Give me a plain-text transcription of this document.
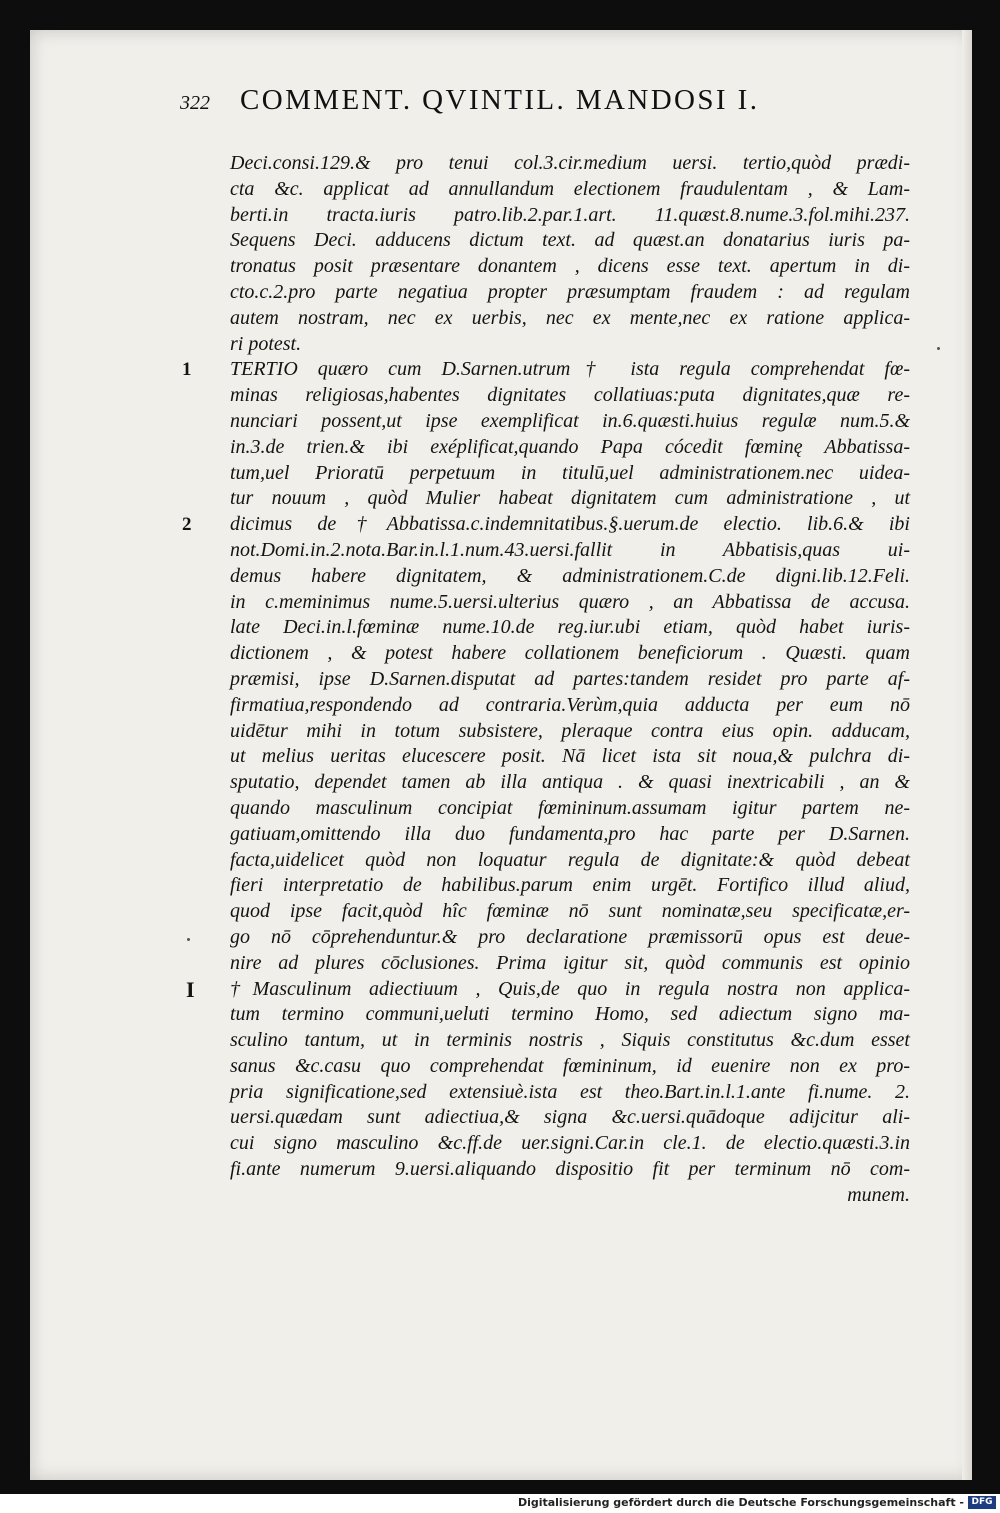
322 COMMENT. QVINTIL. MANDOSI I.
Deci.consi.129.& pro tenui col.3.cir.medium uersi. tertio,quòd prædi-
cta &c. applicat ad annullandum electionem fraudulentam , & Lam-
berti.in tracta.iuris patro.lib.2.par.1.art. 11.quæst.8.nume.3.fol.mihi.237.
Sequens Deci. adducens dictum text. ad quæst.an donatarius iuris pa-
tronatus posit præsentare donantem , dicens esse text. apertum in di-
cto.c.2.pro parte negatiua propter præsumptam fraudem : ad regulam
autem nostram, nec ex uerbis, nec ex mente,nec ex ratione applica-
ri potest.
1 TERTIO quæro cum D.Sarnen.utrum† ista regula comprehendat fœ-
minas religiosas,habentes dignitates collatiuas:puta dignitates,quæ re-
nunciari possent,ut ipse exemplificat in.6.quæsti.huius regulæ num.5.&
in.3.de trien.& ibi exéplificat,quando Papa cócedit fœminę Abbatissa-
tum,uel Prioratū perpetuum in titulū,uel administrationem.nec uidea-
tur nouum , quòd Mulier habeat dignitatem cum administratione , ut
2 dicimus de†Abbatissa.c.indemnitatibus.§.uerum.de electio. lib.6.& ibi
not.Domi.in.2.nota.Bar.in.l.1.num.43.uersi.fallit in Abbatisis,quas ui-
demus habere dignitatem, & administrationem.C.de digni.lib.12.Feli.
in c.meminimus nume.5.uersi.ulterius quæro , an Abbatissa de accusa.
late Deci.in.l.fœminæ nume.10.de reg.iur.ubi etiam, quòd habet iuris-
dictionem , & potest habere collationem beneficiorum . Quæsti. quam
præmisi, ipse D.Sarnen.disputat ad partes:tandem residet pro parte af-
firmatiua,respondendo ad contraria.Verùm,quia adducta per eum nō
uidētur mihi in totum subsistere, pleraque contra eius opin. adducam,
ut melius ueritas elucescere posit. Nā licet ista sit noua,& pulchra di-
sputatio, dependet tamen ab illa antiqua . & quasi inextricabili , an &
quando masculinum concipiat fœmininum.assumam igitur partem ne-
gatiuam,omittendo illa duo fundamenta,pro hac parte per D.Sarnen.
facta,uidelicet quòd non loquatur regula de dignitate:& quòd debeat
fieri interpretatio de habilibus.parum enim urgēt. Fortifico illud aliud,
quod ipse facit,quòd hîc fœminæ nō sunt nominatæ,seu specificatæ,er-
go nō cōprehenduntur.& pro declaratione præmissorū opus est deue-
nire ad plures cōclusiones. Prima igitur sit, quòd communis est opinio
I †Masculinum adiectiuum , Quis,de quo in regula nostra non applica-
tum termino communi,ueluti termino Homo, sed adiectum signo ma-
sculino tantum, ut in terminis nostris , Siquis constitutus &c.dum esset
sanus &c.casu quo comprehendat fœmininum, id euenire non ex pro-
pria significatione,sed extensiuè.ista est theo.Bart.in.l.1.ante fi.nume. 2.
uersi.quædam sunt adiectiua,& signa &c.uersi.quādoque adijcitur ali-
cui signo masculino &c.ff.de uer.signi.Car.in cle.1. de electio.quæsti.3.in
fi.ante numerum 9.uersi.aliquando dispositio fit per terminum nō com-
munem.
Digitalisierung gefördert durch die Deutsche Forschungsgemeinschaft - DFG
